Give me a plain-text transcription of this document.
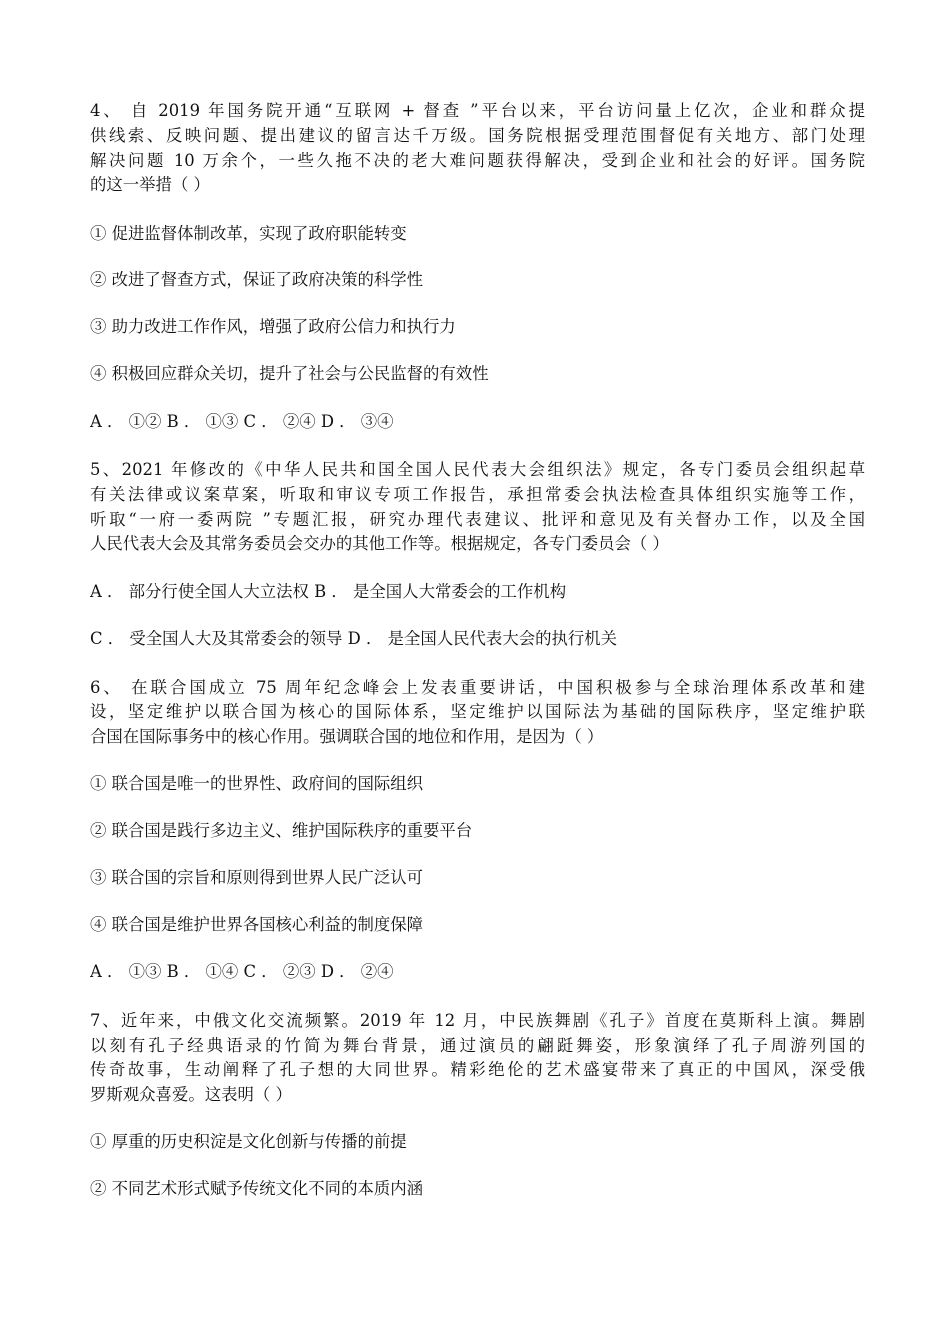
4、 自 2019 年国务院开通“互联网 + 督查 ”平台以来，平台访问量上亿次，企业和群众提
供线索、反映问题、提出建议的留言达千万级。国务院根据受理范围督促有关地方、部门处理
解决问题 10 万余个，一些久拖不决的老大难问题获得解决，受到企业和社会的好评。国务院
的这一举措（ ）
① 促进监督体制改革，实现了政府职能转变
② 改进了督查方式，保证了政府决策的科学性
③ 助力改进工作作风，增强了政府公信力和执行力
④ 积极回应群众关切，提升了社会与公民监督的有效性
A ． ①② B ． ①③ C ． ②④ D ． ③④
5、2021 年修改的《中华人民共和国全国人民代表大会组织法》规定，各专门委员会组织起草
有关法律或议案草案，听取和审议专项工作报告，承担常委会执法检查具体组织实施等工作，
听取“一府一委两院 ”专题汇报，研究办理代表建议、批评和意见及有关督办工作，以及全国
人民代表大会及其常务委员会交办的其他工作等。根据规定，各专门委员会（ ）
A ． 部分行使全国人大立法权 B ． 是全国人大常委会的工作机构
C ． 受全国人大及其常委会的领导 D ． 是全国人民代表大会的执行机关
6、 在联合国成立 75 周年纪念峰会上发表重要讲话，中国积极参与全球治理体系改革和建
设，坚定维护以联合国为核心的国际体系，坚定维护以国际法为基础的国际秩序，坚定维护联
合国在国际事务中的核心作用。强调联合国的地位和作用，是因为（ ）
① 联合国是唯一的世界性、政府间的国际组织
② 联合国是践行多边主义、维护国际秩序的重要平台
③ 联合国的宗旨和原则得到世界人民广泛认可
④ 联合国是维护世界各国核心利益的制度保障
A ． ①③ B ． ①④ C ． ②③ D ． ②④
7、近年来，中俄文化交流频繁。2019 年 12 月，中民族舞剧《孔子》首度在莫斯科上演。舞剧
以刻有孔子经典语录的竹简为舞台背景，通过演员的翩跹舞姿，形象演绎了孔子周游列国的
传奇故事，生动阐释了孔子想的大同世界。精彩绝伦的艺术盛宴带来了真正的中国风，深受俄
罗斯观众喜爱。这表明（ ）
① 厚重的历史积淀是文化创新与传播的前提
② 不同艺术形式赋予传统文化不同的本质内涵
